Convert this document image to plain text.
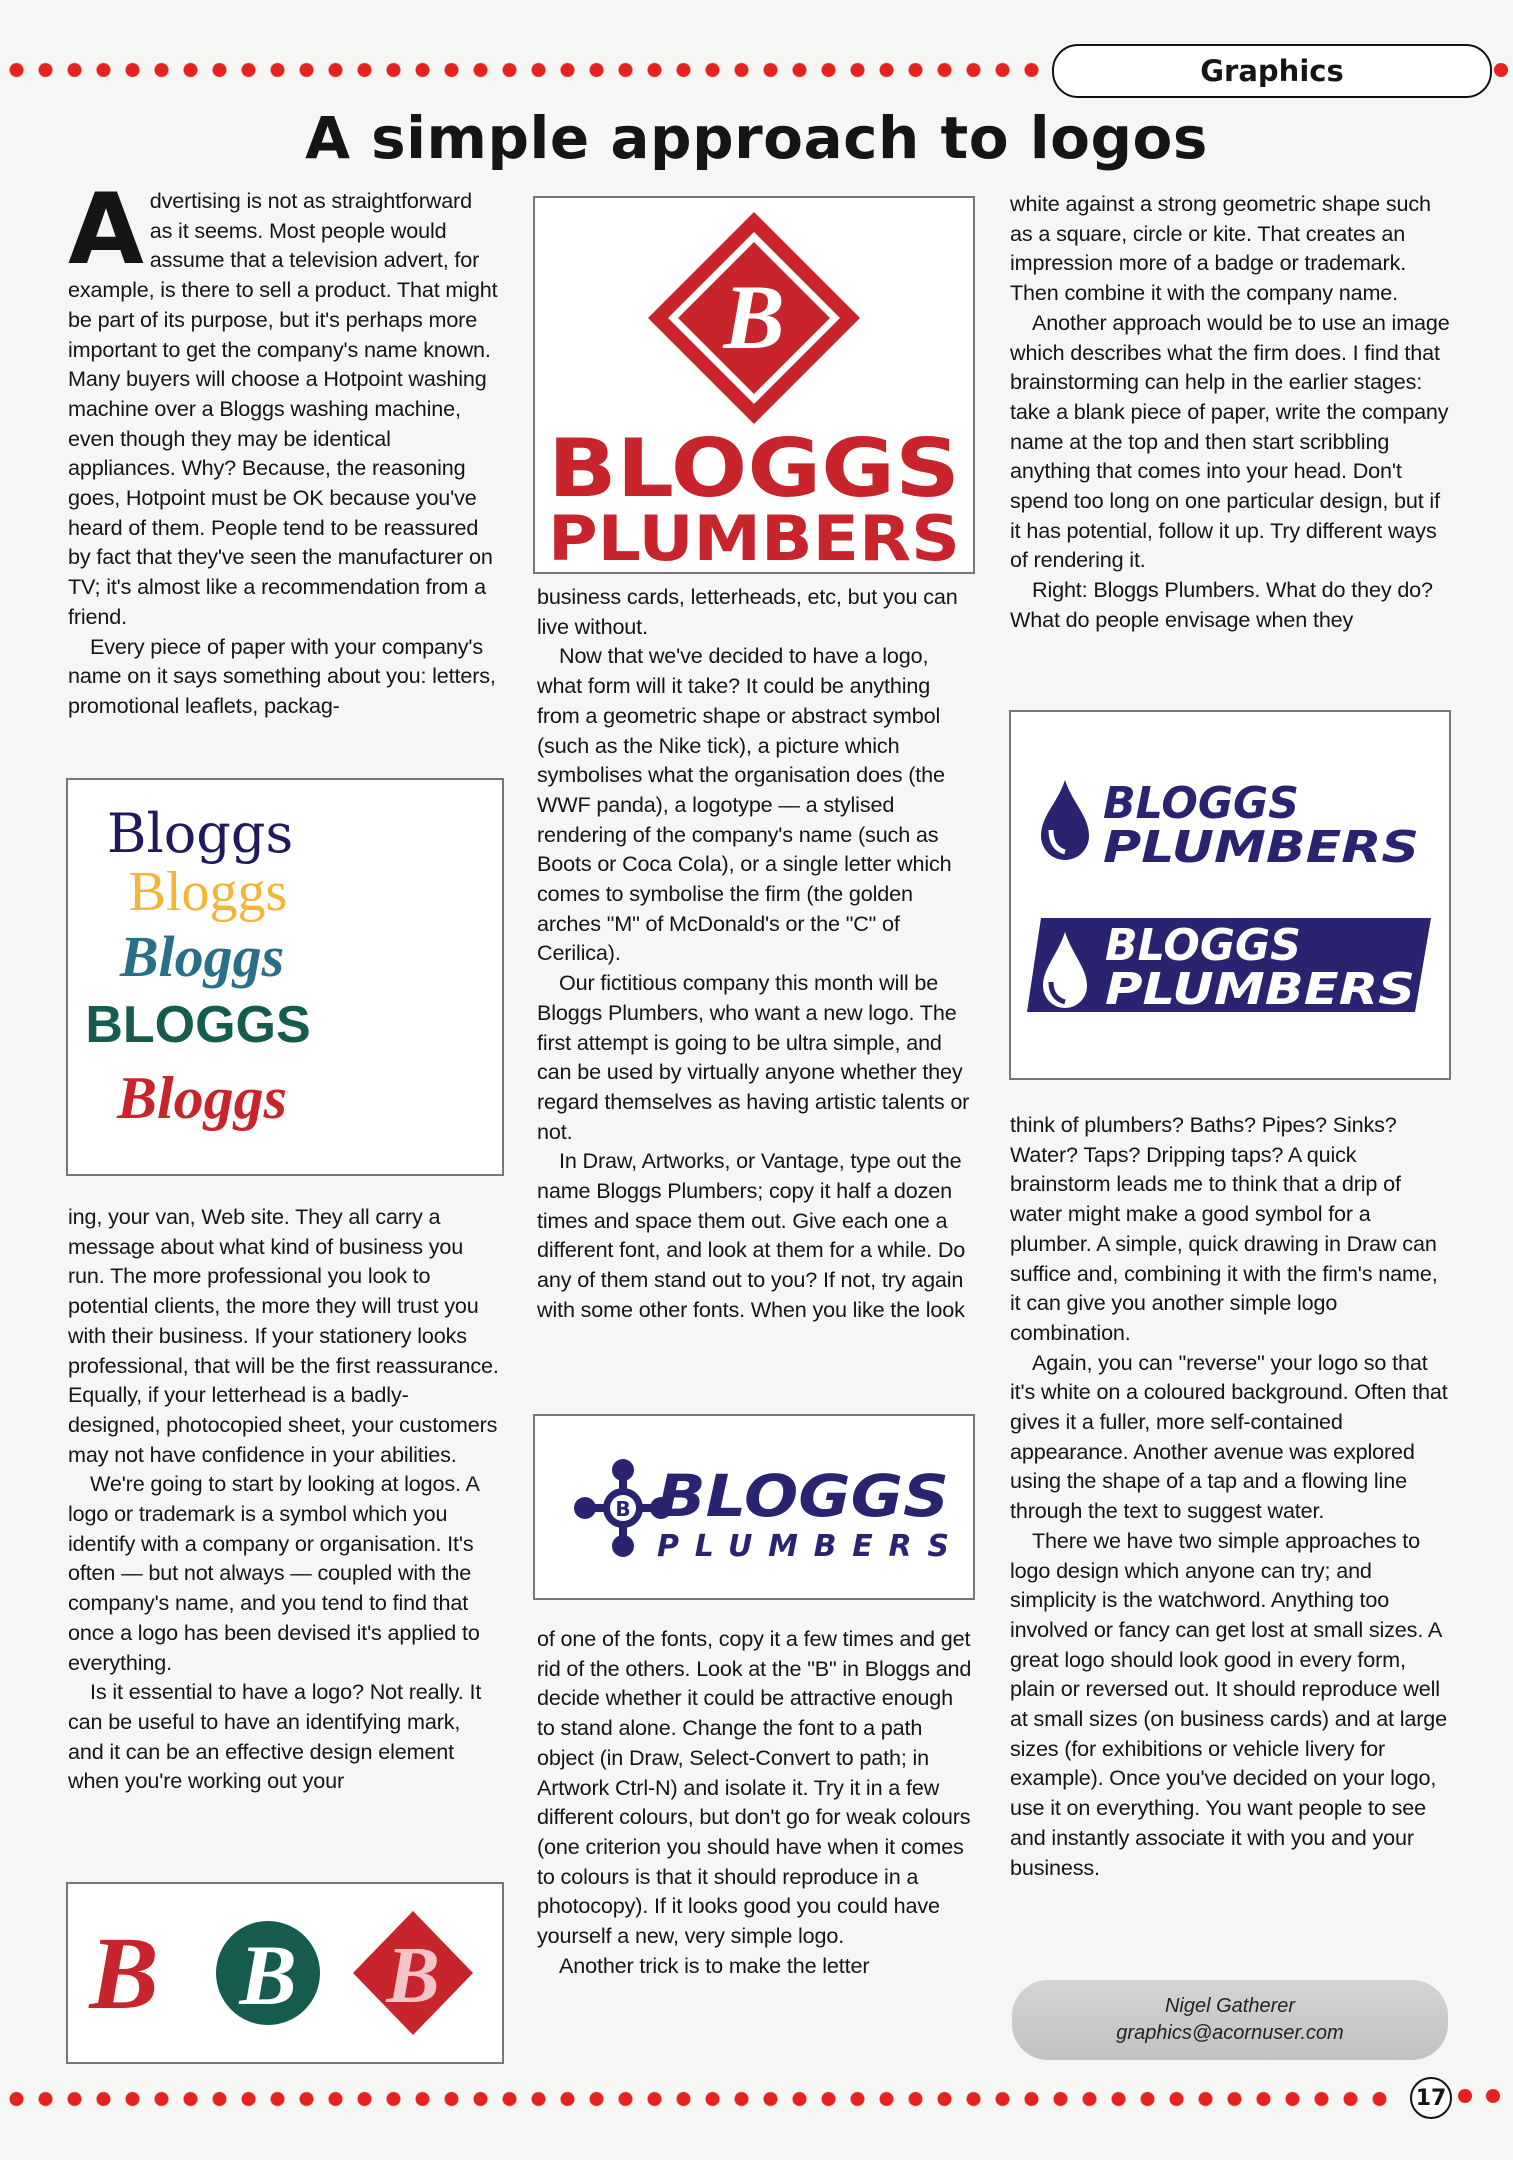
Graphics
A simple approach to logos
A dvertising is not as straightforward as it seems. Most people would assume that a television advert, for example, is there to sell a product. That might be part of its purpose, but it's perhaps more important to get the company's name known. Many buyers will choose a Hotpoint washing machine over a Bloggs washing machine, even though they may be identical appliances. Why? Because, the reasoning goes, Hotpoint must be OK because you've heard of them. People tend to be reassured by fact that they've seen the manufacturer on TV; it's almost like a recommendation from a friend.

Every piece of paper with your company's name on it says something about you: letters, promotional leaflets, packag-

Bloggs
Bloggs
Bloggs
BLOGGS
Bloggs

ing, your van, Web site. They all carry a message about what kind of business you run. The more professional you look to potential clients, the more they will trust you with their business. If your stationery looks professional, that will be the first reassurance. Equally, if your letterhead is a badly-designed, photocopied sheet, your customers may not have confidence in your abilities.

We're going to start by looking at logos. A logo or trademark is a symbol which you identify with a company or organisation. It's often — but not always — coupled with the company's name, and you tend to find that once a logo has been devised it's applied to everything.

Is it essential to have a logo? Not really. It can be useful to have an identifying mark, and it can be an effective design element when you're working out your

B B B
B
BLOGGS
PLUMBERS

business cards, letterheads, etc, but you can live without.

Now that we've decided to have a logo, what form will it take? It could be anything from a geometric shape or abstract symbol (such as the Nike tick), a picture which symbolises what the organisation does (the WWF panda), a logotype — a stylised rendering of the company's name (such as Boots or Coca Cola), or a single letter which comes to symbolise the firm (the golden arches "M" of McDonald's or the "C" of Cerilica).

Our fictitious company this month will be Bloggs Plumbers, who want a new logo. The first attempt is going to be ultra simple, and can be used by virtually anyone whether they regard themselves as having artistic talents or not.

In Draw, Artworks, or Vantage, type out the name Bloggs Plumbers; copy it half a dozen times and space them out. Give each one a different font, and look at them for a while. Do any of them stand out to you? If not, try again with some other fonts. When you like the look

B BLOGGS
PLUMBERS

of one of the fonts, copy it a few times and get rid of the others. Look at the "B" in Bloggs and decide whether it could be attractive enough to stand alone. Change the font to a path object (in Draw, Select-Convert to path; in Artwork Ctrl-N) and isolate it. Try it in a few different colours, but don't go for weak colours (one criterion you should have when it comes to colours is that it should reproduce in a photocopy). If it looks good you could have yourself a new, very simple logo.

Another trick is to make the letter

white against a strong geometric shape such as a square, circle or kite. That creates an impression more of a badge or trademark. Then combine it with the company name.

Another approach would be to use an image which describes what the firm does. I find that brainstorming can help in the earlier stages: take a blank piece of paper, write the company name at the top and then start scribbling anything that comes into your head. Don't spend too long on one particular design, but if it has potential, follow it up. Try different ways of rendering it.

Right: Bloggs Plumbers. What do they do? What do people envisage when they

BLOGGS
PLUMBERS
BLOGGS
PLUMBERS

think of plumbers? Baths? Pipes? Sinks? Water? Taps? Dripping taps? A quick brainstorm leads me to think that a drip of water might make a good symbol for a plumber. A simple, quick drawing in Draw can suffice and, combining it with the firm's name, it can give you another simple logo combination.

Again, you can "reverse" your logo so that it's white on a coloured background. Often that gives it a fuller, more self-contained appearance. Another avenue was explored using the shape of a tap and a flowing line through the text to suggest water.

There we have two simple approaches to logo design which anyone can try; and simplicity is the watchword. Anything too involved or fancy can get lost at small sizes. A great logo should look good in every form, plain or reversed out. It should reproduce well at small sizes (on business cards) and at large sizes (for exhibitions or vehicle livery for example). Once you've decided on your logo, use it on everything. You want people to see and instantly associate it with you and your business.

Nigel Gatherer
graphics@acornuser.com
17
